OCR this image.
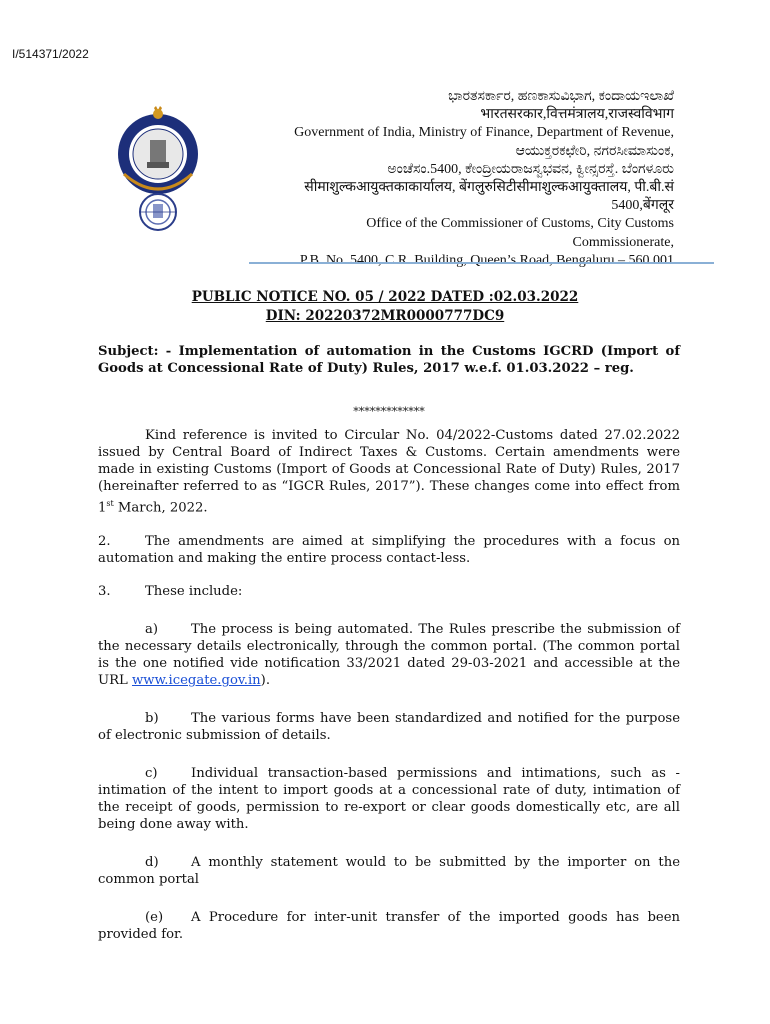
I/514371/2022
ಭಾರತಸರ್ಕಾರ, ಹಣಕಾಸುವಿಭಾಗ, ಕಂದಾಯಇಲಾಖೆ
भारतसरकार,वित्तमंत्रालय,राजस्वविभाग
Government of India, Ministry of Finance, Department of Revenue,
ಆಯುಕ್ತರಕಛೇರಿ, ನಗರಸೀಮಾಸುಂಕ,
ಅಂಚೆಸಂ.5400, ಕೇಂದ್ರೀಯರಾಜಸ್ವಭವನ, ಕ್ವೀನ್ಸರಸ್ತೆ. ಬೆಂಗಳೂರು
सीमाशुल्कआयुक्तकाकार्यालय, बेंगलुरुसिटीसीमाशुल्कआयुक्तालय, पी.बी.सं
5400,बेंगलूर
Office of the Commissioner of Customs, City Customs
Commissionerate,
P.B. No. 5400, C.R. Building, Queen’s Road, Bengaluru – 560 001
PUBLIC NOTICE NO. 05 / 2022 DATED :02.03.2022
DIN: 20220372MR0000777DC9

Subject: - Implementation of automation in the Customs IGCRD (Import of Goods at Concessional Rate of Duty) Rules, 2017 w.e.f. 01.03.2022 – reg.

*************

Kind reference is invited to Circular No. 04/2022-Customs dated 27.02.2022 issued by Central Board of Indirect Taxes & Customs. Certain amendments were made in existing Customs (Import of Goods at Concessional Rate of Duty) Rules, 2017 (hereinafter referred to as “IGCR Rules, 2017”). These changes come into effect from 1st March, 2022.

2.	The amendments are aimed at simplifying the procedures with a focus on automation and making the entire process contact-less.

3.	These include:

a) The process is being automated. The Rules prescribe the submission of the necessary details electronically, through the common portal. (The common portal is the one notified vide notification 33/2021 dated 29-03-2021 and accessible at the URL www.icegate.gov.in).

b) The various forms have been standardized and notified for the purpose of electronic submission of details.

c)	Individual transaction-based permissions and intimations, such as - intimation of the intent to import goods at a concessional rate of duty, intimation of the receipt of goods, permission to re-export or clear goods domestically etc, are all being done away with.

d) A monthly statement would to be submitted by the importer on the common portal

(e) A Procedure for inter-unit transfer of the imported goods has been provided for.
